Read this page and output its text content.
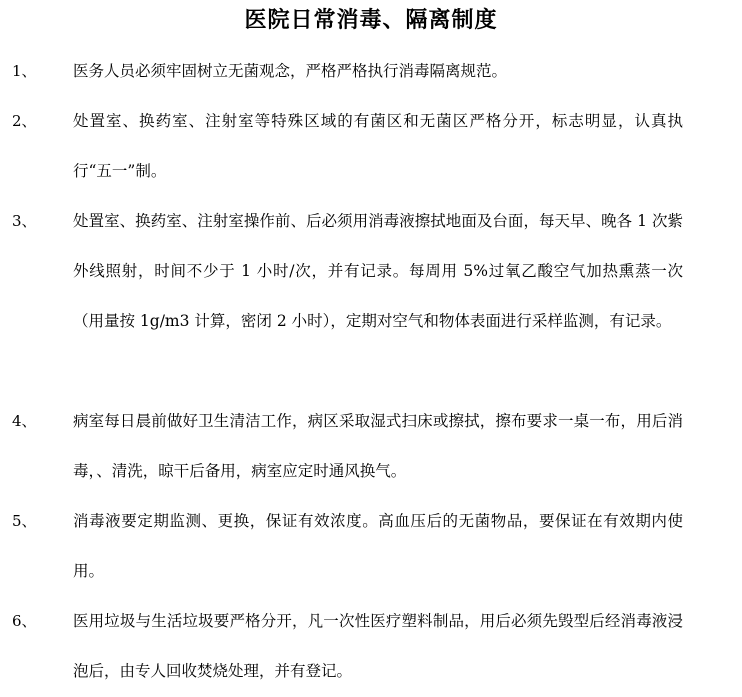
医院日常消毒、隔离制度
1、 医务人员必须牢固树立无菌观念，严格严格执行消毒隔离规范。
2、 处置室、换药室、注射室等特殊区域的有菌区和无菌区严格分开，标志明显，认真执行“五一”制。
3、 处置室、换药室、注射室操作前、后必须用消毒液擦拭地面及台面，每天早、晚各 1 次紫外线照射，时间不少于 1 小时/次，并有记录。每周用 5%过氧乙酸空气加热熏蒸一次（用量按 1g/m3 计算，密闭 2 小时），定期对空气和物体表面进行采样监测，有记录。
4、 病室每日晨前做好卫生清洁工作，病区采取湿式扫床或擦拭，擦布要求一桌一布，用后消毒，、清洗，晾干后备用，病室应定时通风换气。
5、 消毒液要定期监测、更换，保证有效浓度。高血压后的无菌物品，要保证在有效期内使用。
6、 医用垃圾与生活垃圾要严格分开，凡一次性医疗塑料制品，用后必须先毁型后经消毒液浸泡后，由专人回收焚烧处理，并有登记。
